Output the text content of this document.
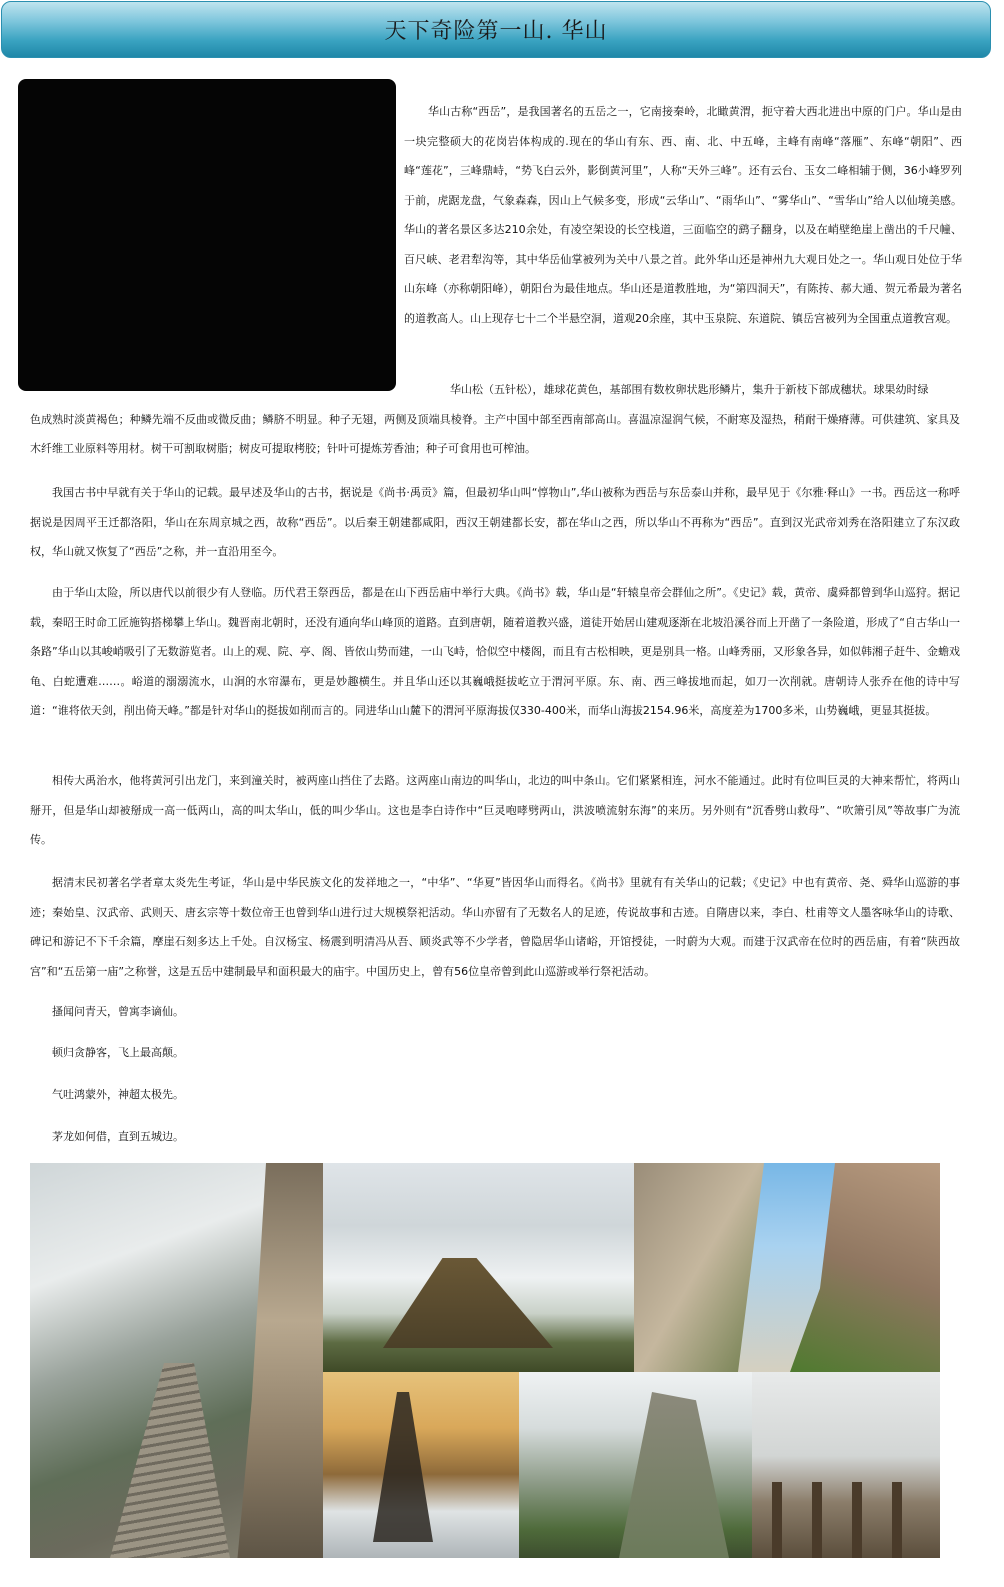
天下奇险第一山. 华山

华山古称“西岳”，是我国著名的五岳之一，它南接秦岭，北瞰黄渭，扼守着大西北进出中原的门户。华山是由一块完整硕大的花岗岩体构成的.现在的华山有东、西、南、北、中五峰，主峰有南峰“落雁”、东峰“朝阳”、西峰“莲花”，三峰鼎峙，“势飞白云外，影倒黄河里”，人称“天外三峰”。还有云台、玉女二峰相辅于侧，36小峰罗列于前，虎踞龙盘，气象森森，因山上气候多变，形成“云华山”、“雨华山”、“雾华山”、“雪华山”给人以仙境美感。华山的著名景区多达210余处，有凌空架设的长空栈道，三面临空的鹞子翻身，以及在峭壁绝崖上凿出的千尺幢、百尺峡、老君犁沟等，其中华岳仙掌被列为关中八景之首。此外华山还是神州九大观日处之一。华山观日处位于华山东峰（亦称朝阳峰），朝阳台为最佳地点。华山还是道教胜地，为“第四洞天”，有陈抟、郝大通、贺元希最为著名的道教高人。山上现存七十二个半悬空洞，道观20余座，其中玉泉院、东道院、镇岳宫被列为全国重点道教宫观。

华山松（五针松），雄球花黄色，基部围有数枚卵状匙形鳞片，集升于新枝下部成穗状。球果幼时绿
色成熟时淡黄褐色；种鳞先端不反曲或微反曲；鳞脐不明显。种子无翅，两侧及顶端具棱脊。主产中国中部至西南部高山。喜温凉湿润气候，不耐寒及湿热，稍耐干燥瘠薄。可供建筑、家具及木纤维工业原料等用材。树干可割取树脂；树皮可提取栲胶；针叶可提炼芳香油；种子可食用也可榨油。

我国古书中早就有关于华山的记载。最早述及华山的古书，据说是《尚书·禹贡》篇，但最初华山叫“惇物山”,华山被称为西岳与东岳泰山并称，最早见于《尔雅·释山》一书。西岳这一称呼据说是因周平王迁都洛阳，华山在东周京城之西，故称“西岳”。以后秦王朝建都咸阳，西汉王朝建都长安，都在华山之西，所以华山不再称为“西岳”。直到汉光武帝刘秀在洛阳建立了东汉政权，华山就又恢复了“西岳”之称，并一直沿用至今。

由于华山太险，所以唐代以前很少有人登临。历代君王祭西岳，都是在山下西岳庙中举行大典。《尚书》载，华山是“轩辕皇帝会群仙之所”。《史记》载，黄帝、虞舜都曾到华山巡狩。据记载，秦昭王时命工匠施钩搭梯攀上华山。魏晋南北朝时，还没有通向华山峰顶的道路。直到唐朝，随着道教兴盛，道徒开始居山建观逐渐在北坡沿溪谷而上开凿了一条险道，形成了“自古华山一条路”华山以其峻峭吸引了无数游览者。山上的观、院、亭、阁、皆依山势而建，一山飞峙，恰似空中楼阁，而且有古松相映，更是别具一格。山峰秀丽，又形象各异，如似韩湘子赶牛、金蟾戏龟、白蛇遭难……。峪道的溺溺流水，山涧的水帘瀑布，更是妙趣横生。并且华山还以其巍峨挺拔屹立于渭河平原。东、南、西三峰拔地而起，如刀一次削就。唐朝诗人张乔在他的诗中写道：“谁将依天剑，削出倚天峰。”都是针对华山的挺拔如削而言的。同进华山山麓下的渭河平原海拔仅330-400米，而华山海拔2154.96米，高度差为1700多米，山势巍峨，更显其挺拔。

相传大禹治水，他将黄河引出龙门，来到潼关时，被两座山挡住了去路。这两座山南边的叫华山，北边的叫中条山。它们紧紧相连，河水不能通过。此时有位叫巨灵的大神来帮忙，将两山掰开，但是华山却被掰成一高一低两山，高的叫太华山，低的叫少华山。这也是李白诗作中“巨灵咆哮劈两山，洪波喷流射东海”的来历。另外则有“沉香劈山救母”、“吹箫引凤”等故事广为流传。

据清末民初著名学者章太炎先生考证，华山是中华民族文化的发祥地之一，“中华”、“华夏”皆因华山而得名。《尚书》里就有有关华山的记载；《史记》中也有黄帝、尧、舜华山巡游的事迹；秦始皇、汉武帝、武则天、唐玄宗等十数位帝王也曾到华山进行过大规模祭祀活动。华山亦留有了无数名人的足迹，传说故事和古迹。自隋唐以来，李白、杜甫等文人墨客咏华山的诗歌、碑记和游记不下千余篇，摩崖石刻多达上千处。自汉杨宝、杨震到明清冯从吾、顾炎武等不少学者，曾隐居华山诸峪，开馆授徒，一时蔚为大观。而建于汉武帝在位时的西岳庙，有着“陕西故宫”和“五岳第一庙”之称誉，这是五岳中建制最早和面积最大的庙宇。中国历史上，曾有56位皇帝曾到此山巡游或举行祭祀活动。

搔闻问青天，曾寓李谪仙。
顿归贪静客，飞上最高颠。
气吐鸿蒙外，神超太极先。
茅龙如何借，直到五城边。
